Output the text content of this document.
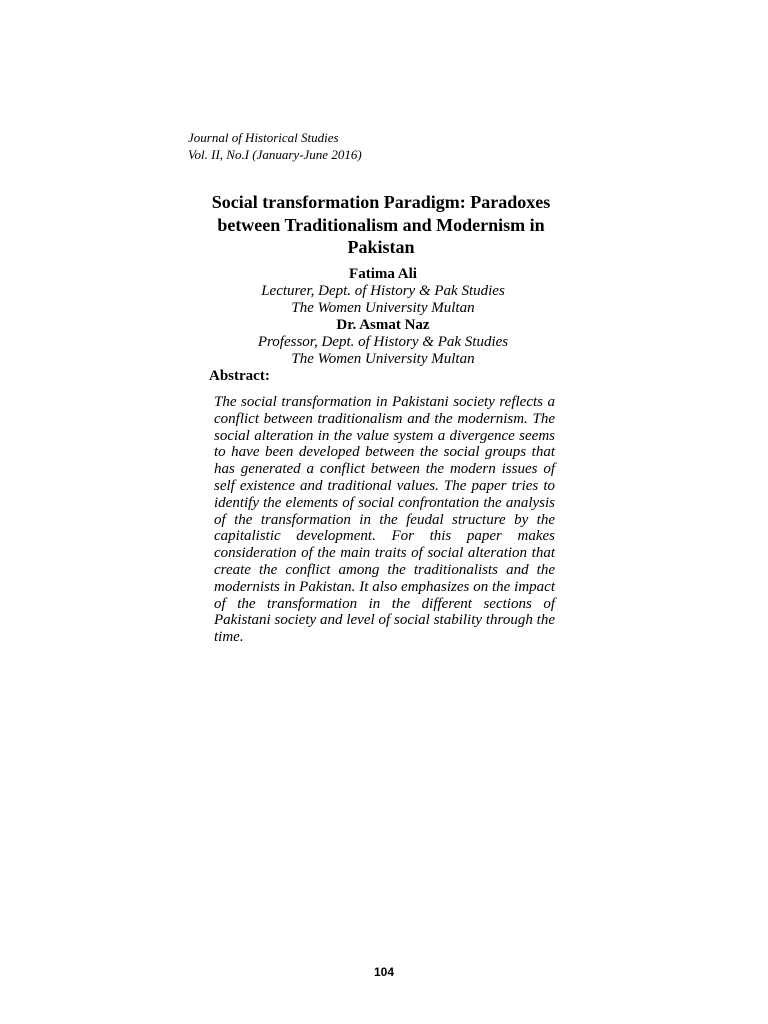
Journal of Historical Studies
Vol. II, No.I (January-June 2016)
Social transformation Paradigm: Paradoxes between Traditionalism and Modernism in Pakistan
Fatima Ali
Lecturer, Dept. of History & Pak Studies
The Women University Multan
Dr. Asmat Naz
Professor, Dept. of History & Pak Studies
The Women University Multan
Abstract:
The social transformation in Pakistani society reflects a conflict between traditionalism and the modernism. The social alteration in the value system a divergence seems to have been developed between the social groups that has generated a conflict between the modern issues of self existence and traditional values. The paper tries to identify the elements of social confrontation the analysis of the transformation in the feudal structure by the capitalistic development. For this paper makes consideration of the main traits of social alteration that create the conflict among the traditionalists and the modernists in Pakistan. It also emphasizes on the impact of the transformation in the different sections of Pakistani society and level of social stability through the time.
104
